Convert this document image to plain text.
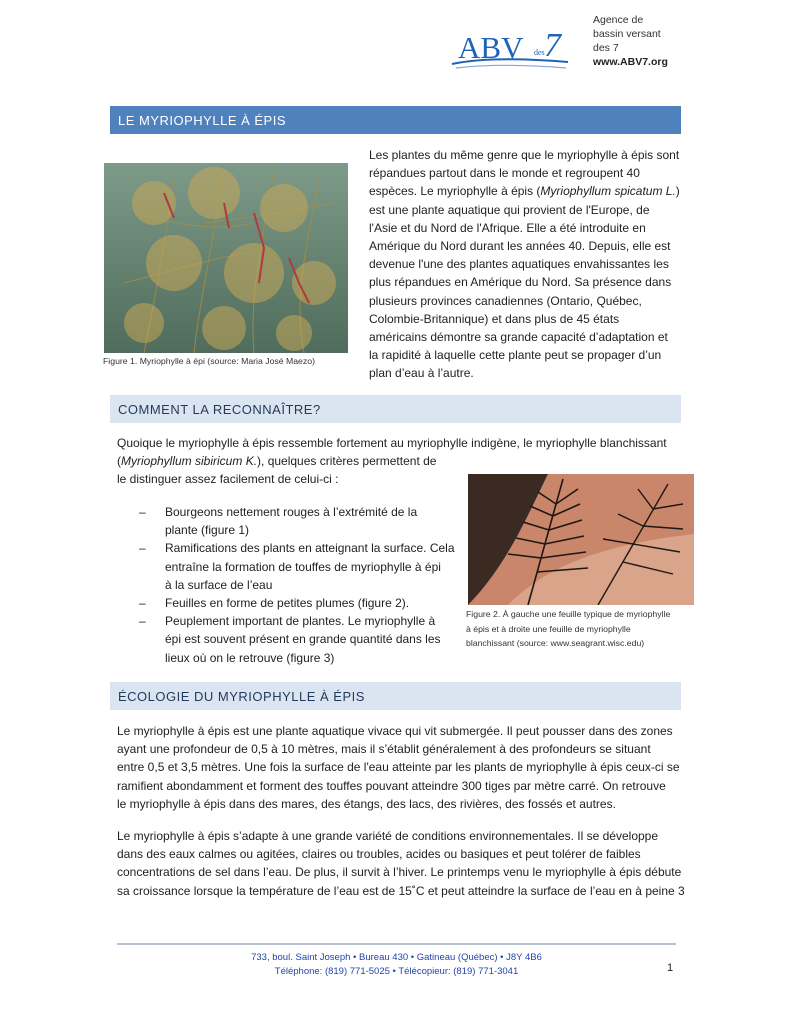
ABV des 7
Agence de
bassin versant
des 7
www.ABV7.org
LE MYRIOPHYLLE À ÉPIS
Figure 1. Myriophylle à épi (source: Maria José Maezo)
Les plantes du même genre que le myriophylle à épis sont
répandues partout dans le monde et regroupent 40
espèces. Le myriophylle à épis (Myriophyllum spicatum L.)
est une plante aquatique qui provient de l'Europe, de
l'Asie et du Nord de l'Afrique. Elle a été introduite en
Amérique du Nord durant les années 40. Depuis, elle est
devenue l'une des plantes aquatiques envahissantes les
plus répandues en Amérique du Nord. Sa présence dans
plusieurs provinces canadiennes (Ontario, Québec,
Colombie-Britannique) et dans plus de 45 états
américains démontre sa grande capacité d’adaptation et
la rapidité à laquelle cette plante peut se propager d’un
plan d’eau à l’autre.
COMMENT LA RECONNAÎTRE?
Quoique le myriophylle à épis ressemble fortement au myriophylle indigène, le myriophylle blanchissant
(Myriophyllum sibiricum K.), quelques critères permettent de
le distinguer assez facilement de celui-ci :
– Bourgeons nettement rouges à l’extrémité de la
plante (figure 1)
– Ramifications des plants en atteignant la surface. Cela
entraîne la formation de touffes de myriophylle à épi
à la surface de l’eau
– Feuilles en forme de petites plumes (figure 2).
– Peuplement important de plantes. Le myriophylle à
épi est souvent présent en grande quantité dans les
lieux où on le retrouve (figure 3)
Figure 2. À gauche une feuille typique de myriophylle
à épis et à droite une feuille de myriophylle
blanchissant (source: www.seagrant.wisc.edu)
ÉCOLOGIE DU MYRIOPHYLLE À ÉPIS
Le myriophylle à épis est une plante aquatique vivace qui vit submergée. Il peut pousser dans des zones
ayant une profondeur de 0,5 à 10 mètres, mais il s’établit généralement à des profondeurs se situant
entre 0,5 et 3,5 mètres. Une fois la surface de l'eau atteinte par les plants de myriophylle à épis ceux-ci se
ramifient abondamment et forment des touffes pouvant atteindre 300 tiges par mètre carré. On retrouve
le myriophylle à épis dans des mares, des étangs, des lacs, des rivières, des fossés et autres.
Le myriophylle à épis s’adapte à une grande variété de conditions environnementales. Il se développe
dans des eaux calmes ou agitées, claires ou troubles, acides ou basiques et peut tolérer de faibles
concentrations de sel dans l’eau. De plus, il survit à l’hiver. Le printemps venu le myriophylle à épis débute
sa croissance lorsque la température de l’eau est de 15˚C et peut atteindre la surface de l’eau en à peine 3
733, boul. Saint Joseph • Bureau 430 • Gatineau (Québec) • J8Y 4B6
Téléphone: (819) 771-5025 • Télécopieur: (819) 771-3041	1
